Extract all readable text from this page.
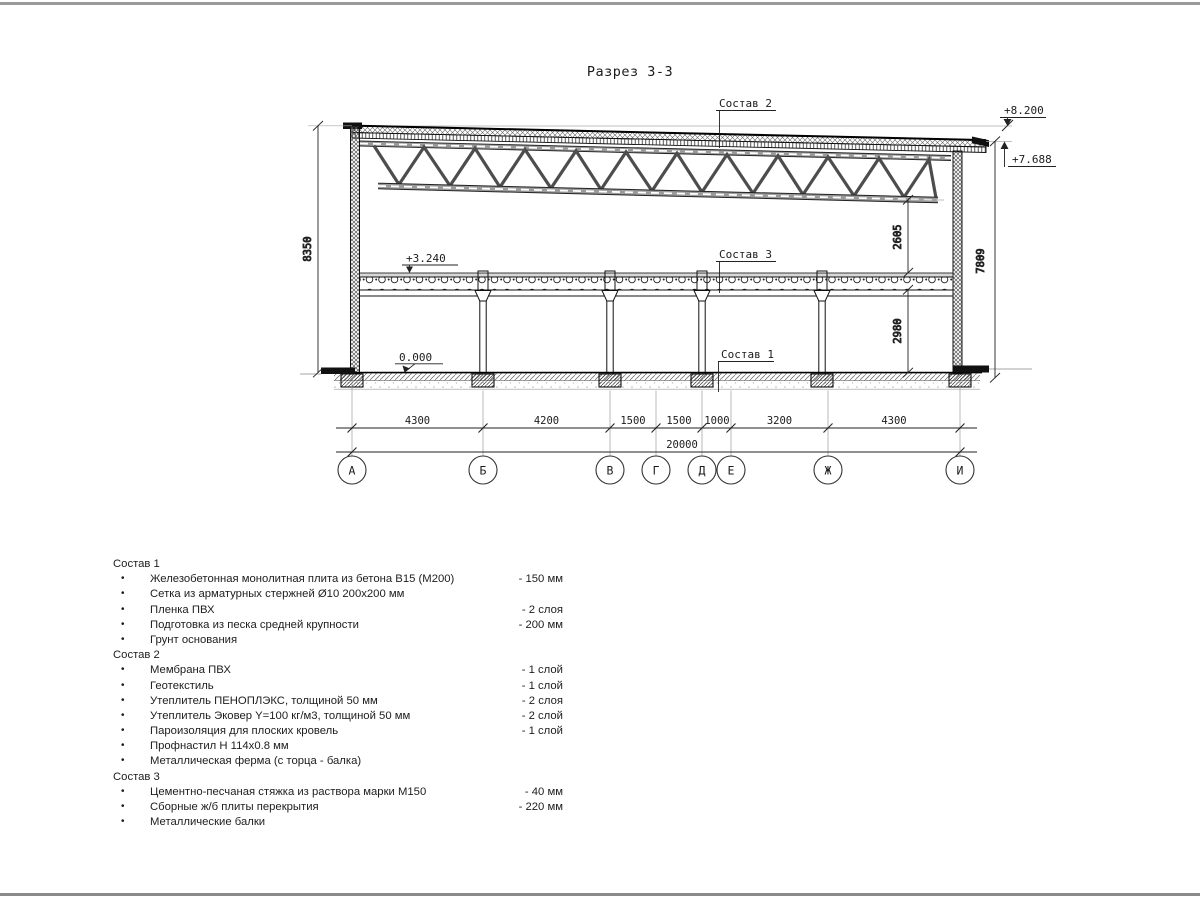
Разрез 3-3
Состав 2
Состав 3
Состав 1
+8.200
+7.688
+3.240
0.000
8350	2605
2980
7809
4300	4200	1500 1500 1000	3200	4300
20000
А	Б	В	Г	Д Е	Ж	И
Состав 1
• Железобетонная монолитная плита из бетона В15 (М200)	- 150 мм
• Сетка из арматурных стержней Ø10 200x200 мм
• Пленка ПВХ	- 2 слоя
• Подготовка из песка средней крупности	- 200 мм
• Грунт основания
Состав 2
• Мембрана ПВХ	- 1 слой
• Геотекстиль	- 1 слой
• Утеплитель ПЕНОПЛЭКС, толщиной 50 мм	- 2 слоя
• Утеплитель Эковер Y=100 кг/м3, толщиной 50 мм	- 2 слой
• Пароизоляция для плоских кровель	- 1 слой
• Профнастил Н 114x0.8 мм
• Металлическая ферма (с торца - балка)
Состав 3
• Цементно-песчаная стяжка из раствора марки М150	- 40 мм
• Сборные ж/б плиты перекрытия	- 220 мм
• Металлические балки
